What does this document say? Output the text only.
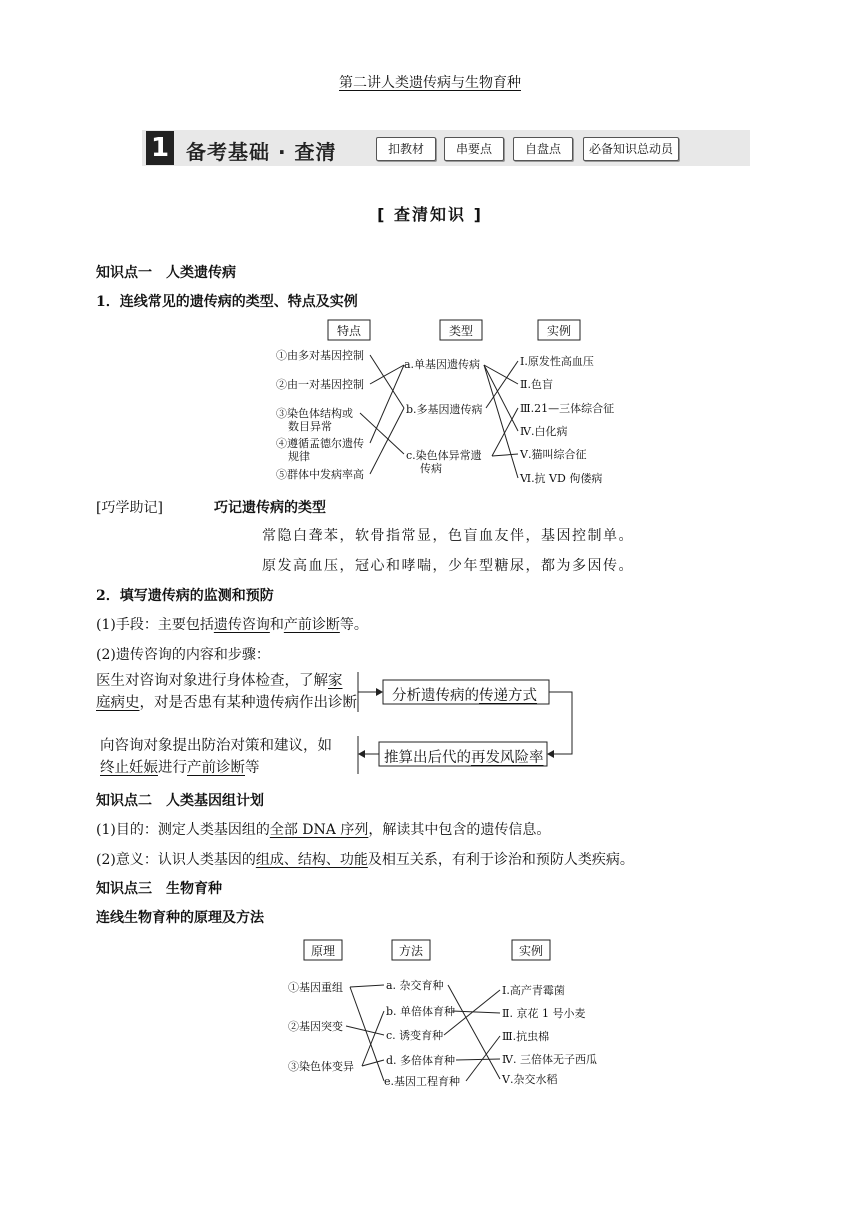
第二讲人类遗传病与生物育种
1 备考基础 · 查清	扣教材	串要点	自盘点	必备知识总动员
[ 查清知识 ]
知识点一　人类遗传病
1．连线常见的遗传病的类型、特点及实例
特点	类型	实例
①由多对基因控制
②由一对基因控制
③染色体结构或
数目异常
④遵循孟德尔遗传
规律
⑤群体中发病率高
a.单基因遗传病
b.多基因遗传病
c.染色体异常遗
传病
Ⅰ.原发性高血压
Ⅱ.色盲
Ⅲ.21—三体综合征
Ⅳ.白化病
Ⅴ.猫叫综合征
Ⅵ.抗 VD 佝偻病
[巧学助记]	巧记遗传病的类型
常隐白聋苯，软骨指常显，色盲血友伴，基因控制单。
原发高血压，冠心和哮喘，少年型糖尿，都为多因传。
2．填写遗传病的监测和预防
(1)手段：主要包括遗传咨询和产前诊断等。
(2)遗传咨询的内容和步骤：
医生对咨询对象进行身体检查，了解家
庭病史，对是否患有某种遗传病作出诊断
向咨询对象提出防治对策和建议，如
终止妊娠进行产前诊断等
分析遗传病的传递方式
推算出后代的再发风险率
知识点二　人类基因组计划
(1)目的：测定人类基因组的全部 DNA 序列，解读其中包含的遗传信息。
(2)意义：认识人类基因的组成、结构、功能及相互关系，有利于诊治和预防人类疾病。
知识点三　生物育种
连线生物育种的原理及方法
原理	方法	实例
①基因重组
②基因突变
③染色体变异
a. 杂交育种
b. 单倍体育种
c. 诱变育种
d. 多倍体育种
e.基因工程育种
Ⅰ.高产青霉菌
Ⅱ. 京花 1 号小麦
Ⅲ.抗虫棉
Ⅳ. 三倍体无子西瓜
Ⅴ.杂交水稻
